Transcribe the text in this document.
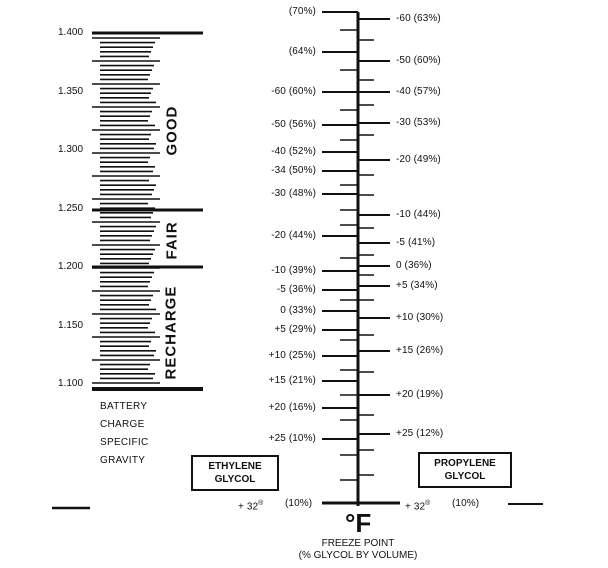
1.400
1.350
1.300
1.250
1.200
1.150
1.100
GOOD
FAIR
RECHARGE
BATTERY
CHARGE
SPECIFIC
GRAVITY
ETHYLENE
GLYCOL
PROPYLENE
GLYCOL
(70%)
(64%)
-60 (60%)
-50 (56%)
-40 (52%)
-34 (50%)
-30 (48%)
-20 (44%)
-10 (39%)
-5 (36%)
0 (33%)
+5 (29%)
+10 (25%)
+15 (21%)
+20 (16%)
+25 (10%)
-60 (63%)
-50 (60%)
-40 (57%)
-30 (53%)
-20 (49%)
-10 (44%)
-5 (41%)
0 (36%)
+5 (34%)
+10 (30%)
+15 (26%)
+20 (19%)
+25 (12%)
+ 32® (10%)	+ 32® (10%)
°F
FREEZE POINT
(% GLYCOL BY VOLUME)
